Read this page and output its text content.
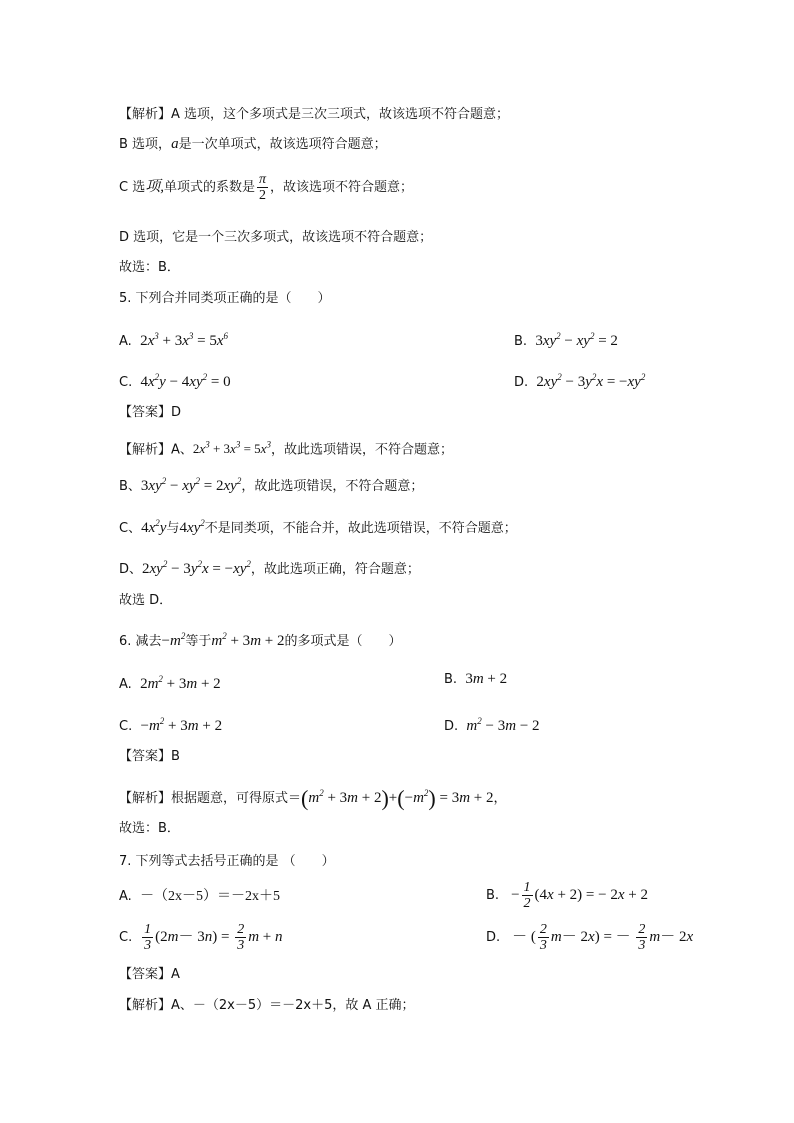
【解析】A 选项，这个多项式是三次三项式，故该选项不符合题意；
B 选项，a是一次单项式，故该选项符合题意；
C 选项,单项式的系数是 $\frac{\pi}{2}$ ，故该选项不符合题意；
D 选项，它是一个三次多项式，故该选项不符合题意；
故选：B．
5. 下列合并同类项正确的是（　　）
A. $2x^3 + 3x^3 = 5x^6$	B. $3xy^2 - xy^2 = 2$
C. $4x^2y - 4xy^2 = 0$	D. $2xy^2 - 3y^2x = -xy^2$
【答案】D
【解析】A、$2x^3 + 3x^3 = 5x^3$，故此选项错误，不符合题意；
B、$3xy^2 - xy^2 = 2xy^2$，故此选项错误，不符合题意；
C、$4x^2y$与$4xy^2$不是同类项，不能合并，故此选项错误，不符合题意；
D、$2xy^2 - 3y^2x = -xy^2$，故此选项正确，符合题意；
故选 D．
6. 减去$-m^2$等于$m^2 + 3m + 2$的多项式是（　　）
A. $2m^2 + 3m + 2$	B. 3m + 2
C. $-m^2 + 3m + 2$	D. $m^2 - 3m - 2$
【答案】B
【解析】根据题意，可得原式$=(m^2 + 3m + 2)+(-m^2) = 3m + 2$，
故选：B．
7. 下列等式去括号正确的是 （　　）
A. －（2x－5）＝－2x＋5	B. − $\frac{1}{2} (4x + 2)$ = − 2x + 2
C. $\frac{1}{3} (2m- 3n) = \frac{2}{3}$ m + n	D. － ( $\frac{2}{3} m- 2x$) = － $\frac{2}{3} m- 2x$
【答案】A
【解析】A、－（2x－5）＝－2x＋5，故 A 正确；
